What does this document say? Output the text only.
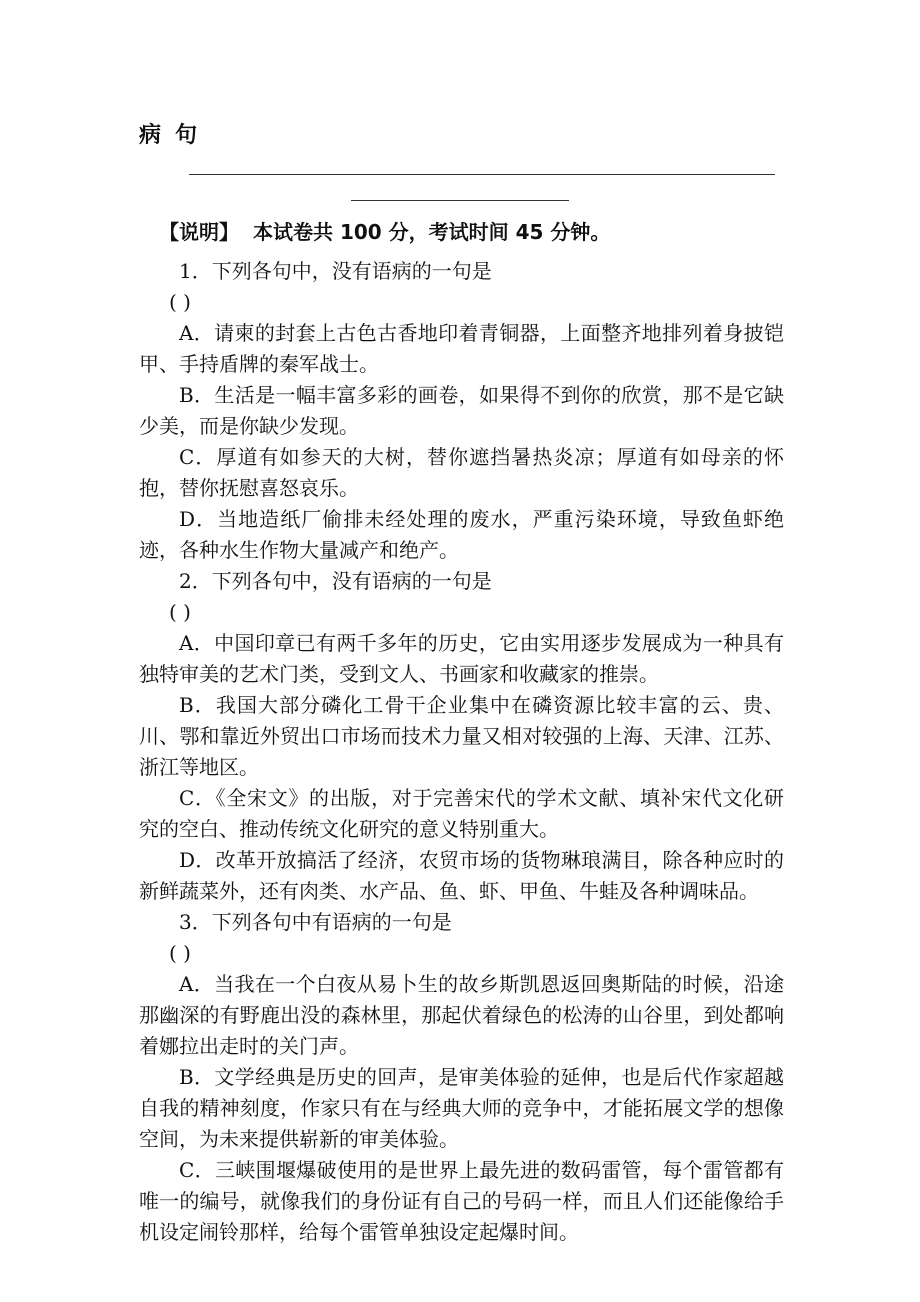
病句

【说明】 本试卷共 100 分，考试时间 45 分钟。

1．下列各句中，没有语病的一句是

( )

A．请柬的封套上古色古香地印着青铜器，上面整齐地排列着身披铠甲、手持盾牌的秦军战士。

B．生活是一幅丰富多彩的画卷，如果得不到你的欣赏，那不是它缺少美，而是你缺少发现。

C．厚道有如参天的大树，替你遮挡暑热炎凉；厚道有如母亲的怀抱，替你抚慰喜怒哀乐。

D．当地造纸厂偷排未经处理的废水，严重污染环境，导致鱼虾绝迹，各种水生作物大量减产和绝产。

2．下列各句中，没有语病的一句是

( )

A．中国印章已有两千多年的历史，它由实用逐步发展成为一种具有独特审美的艺术门类，受到文人、书画家和收藏家的推崇。

B．我国大部分磷化工骨干企业集中在磷资源比较丰富的云、贵、川、鄂和靠近外贸出口市场而技术力量又相对较强的上海、天津、江苏、浙江等地区。

C．《全宋文》的出版，对于完善宋代的学术文献、填补宋代文化研究的空白、推动传统文化研究的意义特别重大。

D．改革开放搞活了经济，农贸市场的货物琳琅满目，除各种应时的新鲜蔬菜外，还有肉类、水产品、鱼、虾、甲鱼、牛蛙及各种调味品。

3．下列各句中有语病的一句是

( )

A．当我在一个白夜从易卜生的故乡斯凯恩返回奥斯陆的时候，沿途那幽深的有野鹿出没的森林里，那起伏着绿色的松涛的山谷里，到处都响着娜拉出走时的关门声。

B．文学经典是历史的回声，是审美体验的延伸，也是后代作家超越自我的精神刻度，作家只有在与经典大师的竞争中，才能拓展文学的想像空间，为未来提供崭新的审美体验。

C．三峡围堰爆破使用的是世界上最先进的数码雷管，每个雷管都有唯一的编号，就像我们的身份证有自己的号码一样，而且人们还能像给手机设定闹铃那样，给每个雷管单独设定起爆时间。
